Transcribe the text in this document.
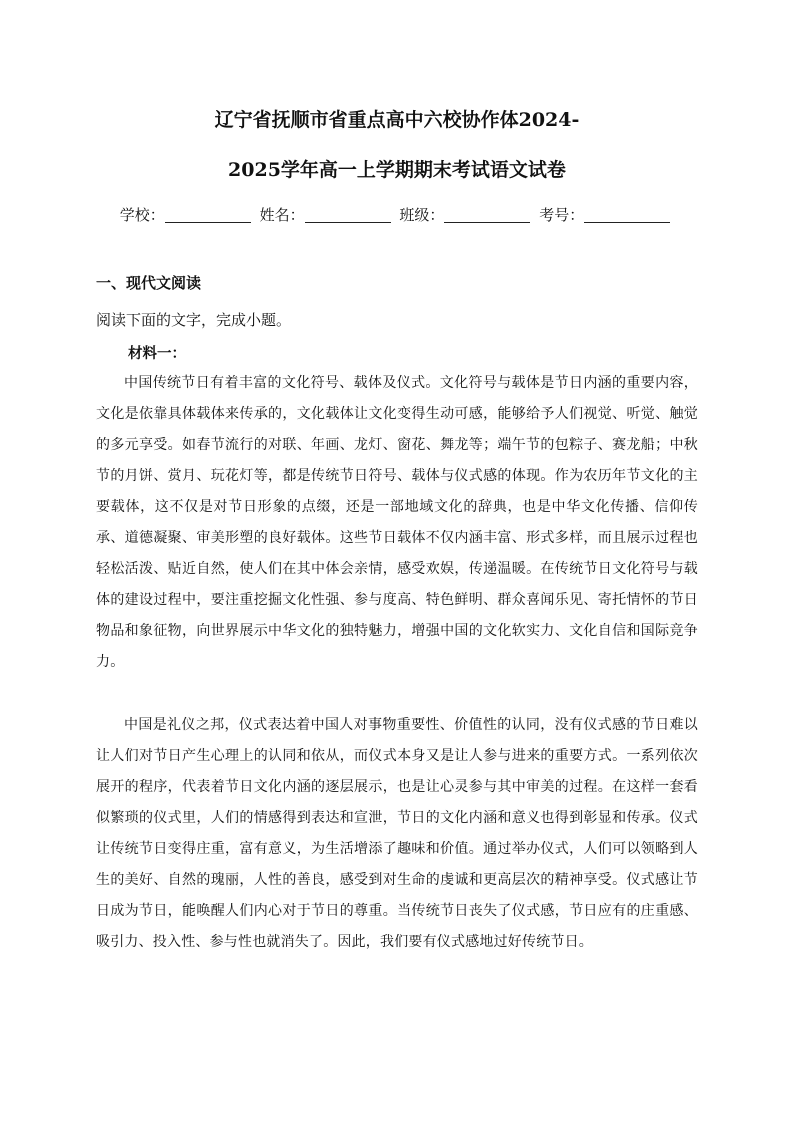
辽宁省抚顺市省重点高中六校协作体2024-
2025学年高一上学期期末考试语文试卷
学校：	姓名：	班级：	考号：
一、现代文阅读
阅读下面的文字，完成小题。
材料一：

中国传统节日有着丰富的文化符号、载体及仪式。文化符号与载体是节日内涵的重要内容，文化是依靠具体载体来传承的，文化载体让文化变得生动可感，能够给予人们视觉、听觉、触觉的多元享受。如春节流行的对联、年画、龙灯、窗花、舞龙等；端午节的包粽子、赛龙船；中秋节的月饼、赏月、玩花灯等，都是传统节日符号、载体与仪式感的体现。作为农历年节文化的主要载体，这不仅是对节日形象的点缀，还是一部地域文化的辞典，也是中华文化传播、信仰传承、道德凝聚、审美形塑的良好载体。这些节日载体不仅内涵丰富、形式多样，而且展示过程也轻松活泼、贴近自然，使人们在其中体会亲情，感受欢娱，传递温暖。在传统节日文化符号与载体的建设过程中，要注重挖掘文化性强、参与度高、特色鲜明、群众喜闻乐见、寄托情怀的节日物品和象征物，向世界展示中华文化的独特魅力，增强中国的文化软实力、文化自信和国际竞争力。

中国是礼仪之邦，仪式表达着中国人对事物重要性、价值性的认同，没有仪式感的节日难以让人们对节日产生心理上的认同和依从，而仪式本身又是让人参与进来的重要方式。一系列依次展开的程序，代表着节日文化内涵的逐层展示，也是让心灵参与其中审美的过程。在这样一套看似繁琐的仪式里，人们的情感得到表达和宣泄，节日的文化内涵和意义也得到彰显和传承。仪式让传统节日变得庄重，富有意义，为生活增添了趣味和价值。通过举办仪式，人们可以领略到人生的美好、自然的瑰丽，人性的善良，感受到对生命的虔诚和更高层次的精神享受。仪式感让节日成为节日，能唤醒人们内心对于节日的尊重。当传统节日丧失了仪式感，节日应有的庄重感、吸引力、投入性、参与性也就消失了。因此，我们要有仪式感地过好传统节日。
